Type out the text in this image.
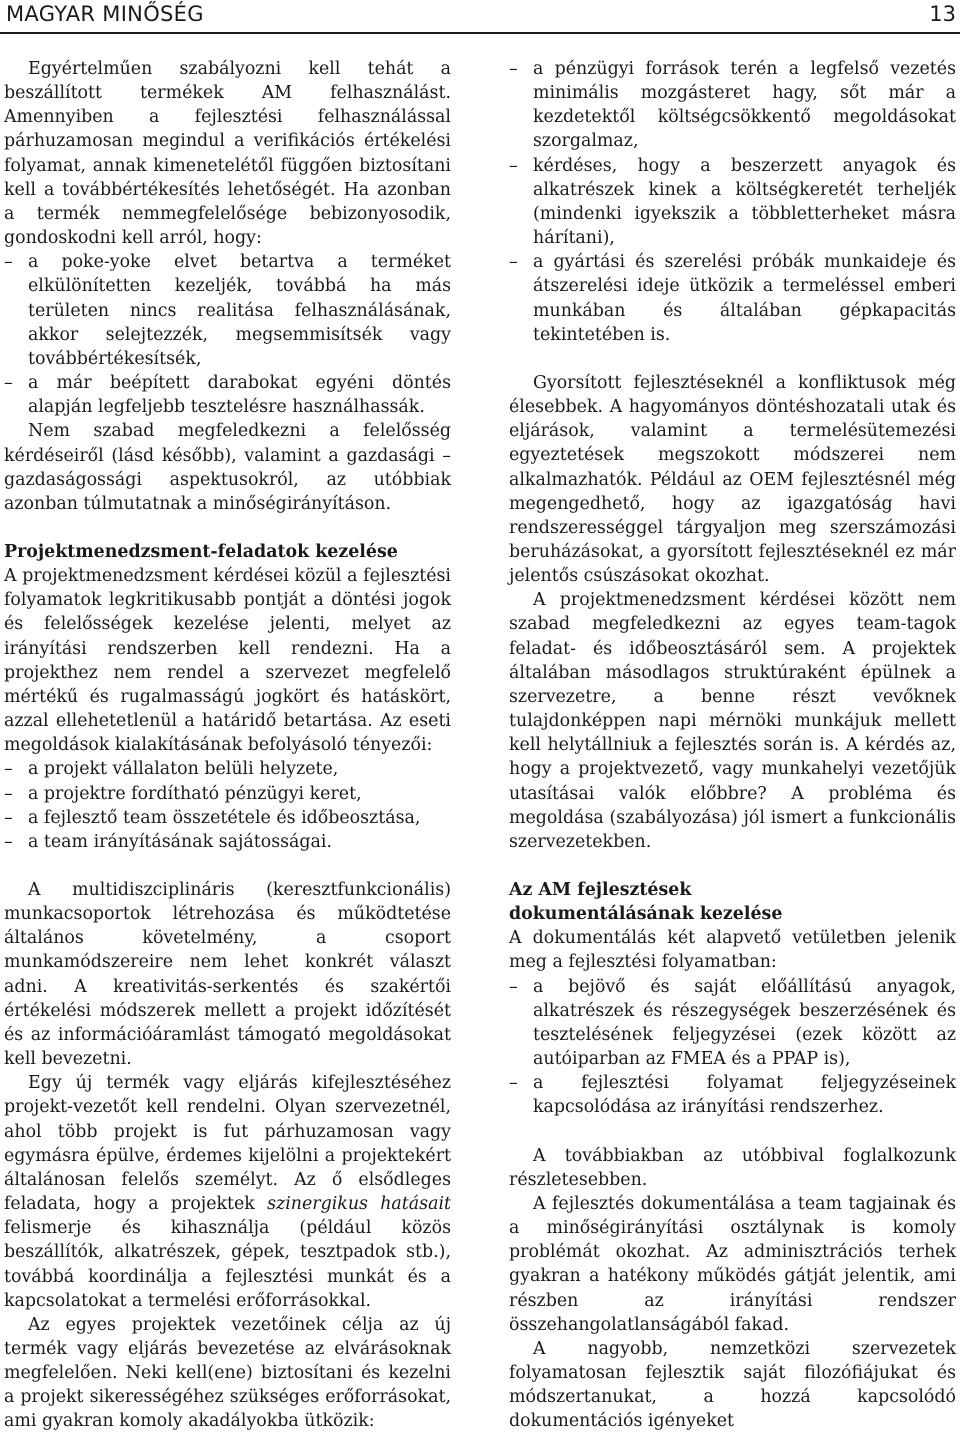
MAGYAR MINŐSÉG	13

Egyértelműen szabályozni kell tehát a beszállított termékek AM felhasználást. Amennyiben a fejlesztési felhasználással párhuzamosan megindul a verifikációs értékelési folyamat, annak kimenetelétől függően biztosítani kell a továbbértékesítés lehetőségét. Ha azonban a termék nemmegfelelősége bebizonyosodik, gondoskodni kell arról, hogy:

– a poke-yoke elvet betartva a terméket elkülönítetten kezeljék, továbbá ha más területen nincs realitása felhasználásának, akkor selejtezzék, megsemmisítsék vagy továbbértékesítsék,
– a már beépített darabokat egyéni döntés alapján legfeljebb tesztelésre használhassák.

Nem szabad megfeledkezni a felelősség kérdéseiről (lásd később), valamint a gazdasági – gazdaságossági aspektusokról, az utóbbiak azonban túlmutatnak a minőségirányításon.

Projektmenedzsment-feladatok kezelése

A projektmenedzsment kérdései közül a fejlesztési folyamatok legkritikusabb pontját a döntési jogok és felelősségek kezelése jelenti, melyet az irányítási rendszerben kell rendezni. Ha a projekthez nem rendel a szervezet megfelelő mértékű és rugalmasságú jogkört és hatáskört, azzal ellehetetlenül a határidő betartása. Az eseti megoldások kialakításának befolyásoló tényezői:

– a projekt vállalaton belüli helyzete,
– a projektre fordítható pénzügyi keret,
– a fejlesztő team összetétele és időbeosztása,
– a team irányításának sajátosságai.

A multidiszciplináris (keresztfunkcionális) munkacsoportok létrehozása és működtetése általános követelmény, a csoport munkamódszereire nem lehet konkrét választ adni. A kreativitás-serkentés és szakértői értékelési módszerek mellett a projekt időzítését és az információáramlást támogató megoldásokat kell bevezetni.

Egy új termék vagy eljárás kifejlesztéséhez projekt-vezetőt kell rendelni. Olyan szervezetnél, ahol több projekt is fut párhuzamosan vagy egymásra épülve, érdemes kijelölni a projektekért általánosan felelős személyt. Az ő elsődleges feladata, hogy a projektek szinergikus hatásait felismerje és kihasználja (például közös beszállítók, alkatrészek, gépek, tesztpadok stb.), továbbá koordinálja a fejlesztési munkát és a kapcsolatokat a termelési erőforrásokkal.

Az egyes projektek vezetőinek célja az új termék vagy eljárás bevezetése az elvárásoknak megfelelően. Neki kell(ene) biztosítani és kezelni a projekt sikerességéhez szükséges erőforrásokat, ami gyakran komoly akadályokba ütközik:

– a pénzügyi források terén a legfelső vezetés minimális mozgásteret hagy, sőt már a kezdetektől költségcsökkentő megoldásokat szorgalmaz,
– kérdéses, hogy a beszerzett anyagok és alkatrészek kinek a költségkeretét terheljék (mindenki igyekszik a többletterheket másra hárítani),
– a gyártási és szerelési próbák munkaideje és átszerelési ideje ütközik a termeléssel emberi munkában és általában gépkapacitás tekintetében is.

Gyorsított fejlesztéseknél a konfliktusok még élesebbek. A hagyományos döntéshozatali utak és eljárások, valamint a termelésütemezési egyeztetések megszokott módszerei nem alkalmazhatók. Például az OEM fejlesztésnél még megengedhető, hogy az igazgatóság havi rendszerességgel tárgyaljon meg szerszámozási beruházásokat, a gyorsított fejlesztéseknél ez már jelentős csúszásokat okozhat.

A projektmenedzsment kérdései között nem szabad megfeledkezni az egyes team-tagok feladat- és időbeosztásáról sem. A projektek általában másodlagos struktúraként épülnek a szervezetre, a benne részt vevőknek tulajdonképpen napi mérnöki munkájuk mellett kell helytállniuk a fejlesztés során is. A kérdés az, hogy a projektvezető, vagy munkahelyi vezetőjük utasításai valók előbbre? A probléma és megoldása (szabályozása) jól ismert a funkcionális szervezetekben.

Az AM fejlesztések
dokumentálásának kezelése

A dokumentálás két alapvető vetületben jelenik meg a fejlesztési folyamatban:

– a bejövő és saját előállítású anyagok, alkatrészek és részegységek beszerzésének és tesztelésének feljegyzései (ezek között az autóiparban az FMEA és a PPAP is),
– a fejlesztési folyamat feljegyzéseinek kapcsolódása az irányítási rendszerhez.

A továbbiakban az utóbbival foglalkozunk részletesebben.

A fejlesztés dokumentálása a team tagjainak és a minőségirányítási osztálynak is komoly problémát okozhat. Az adminisztrációs terhek gyakran a hatékony működés gátját jelentik, ami részben az irányítási rendszer összehangolatlanságából fakad.

A nagyobb, nemzetközi szervezetek folyamatosan fejlesztik saját filozófiájukat és módszertanukat, a hozzá kapcsolódó dokumentációs igényeket
